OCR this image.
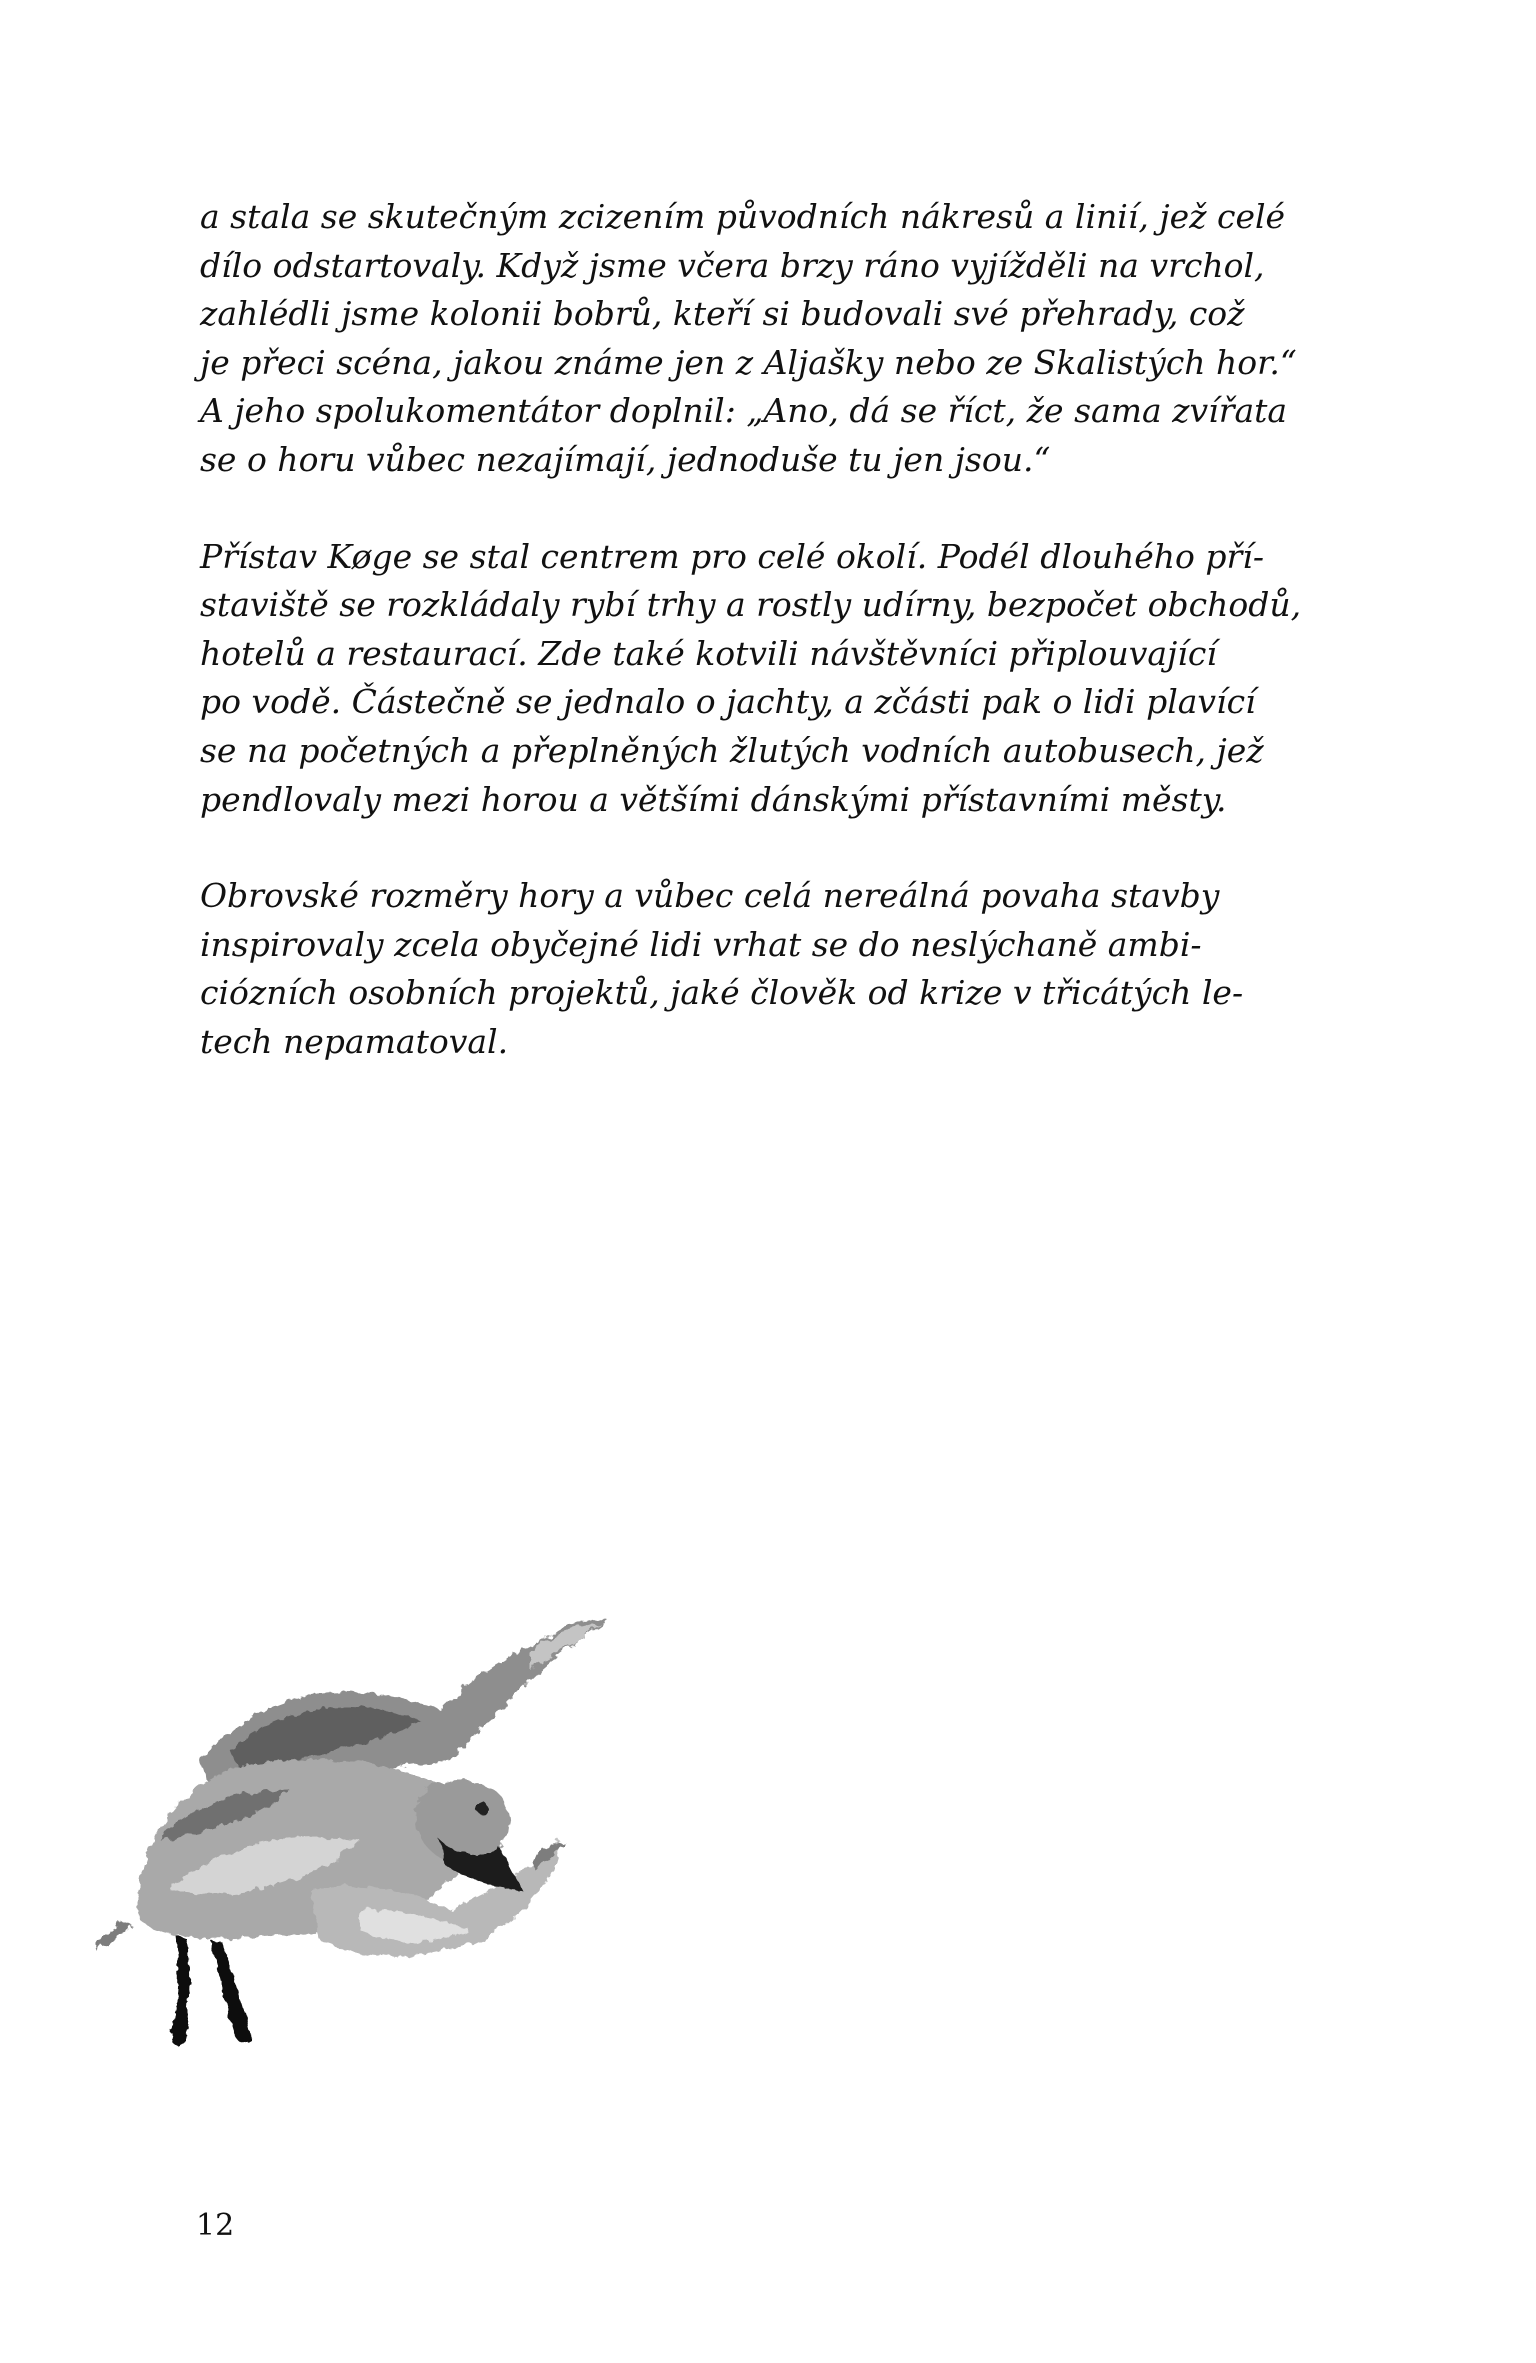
a stala se skutečným zcizením původních nákresů a linií, jež celé
dílo odstartovaly. Když jsme včera brzy ráno vyjížděli na vrchol,
zahlédli jsme kolonii bobrů, kteří si budovali své přehrady, což
je přeci scéna, jakou známe jen z Aljašky nebo ze Skalistých hor.“
A jeho spolukomentátor doplnil: „Ano, dá se říct, že sama zvířata
se o horu vůbec nezajímají, jednoduše tu jen jsou.“

Přístav Køge se stal centrem pro celé okolí. Podél dlouhého pří-
staviště se rozkládaly rybí trhy a rostly udírny, bezpočet obchodů,
hotelů a restaurací. Zde také kotvili návštěvníci připlouvající
po vodě. Částečně se jednalo o jachty, a zčásti pak o lidi plavící
se na početných a přeplněných žlutých vodních autobusech, jež
pendlovaly mezi horou a většími dánskými přístavními městy.

Obrovské rozměry hory a vůbec celá nereálná povaha stavby
inspirovaly zcela obyčejné lidi vrhat se do neslýchaně ambi-
ciózních osobních projektů, jaké člověk od krize v třicátých le-
tech nepamatoval.

12
